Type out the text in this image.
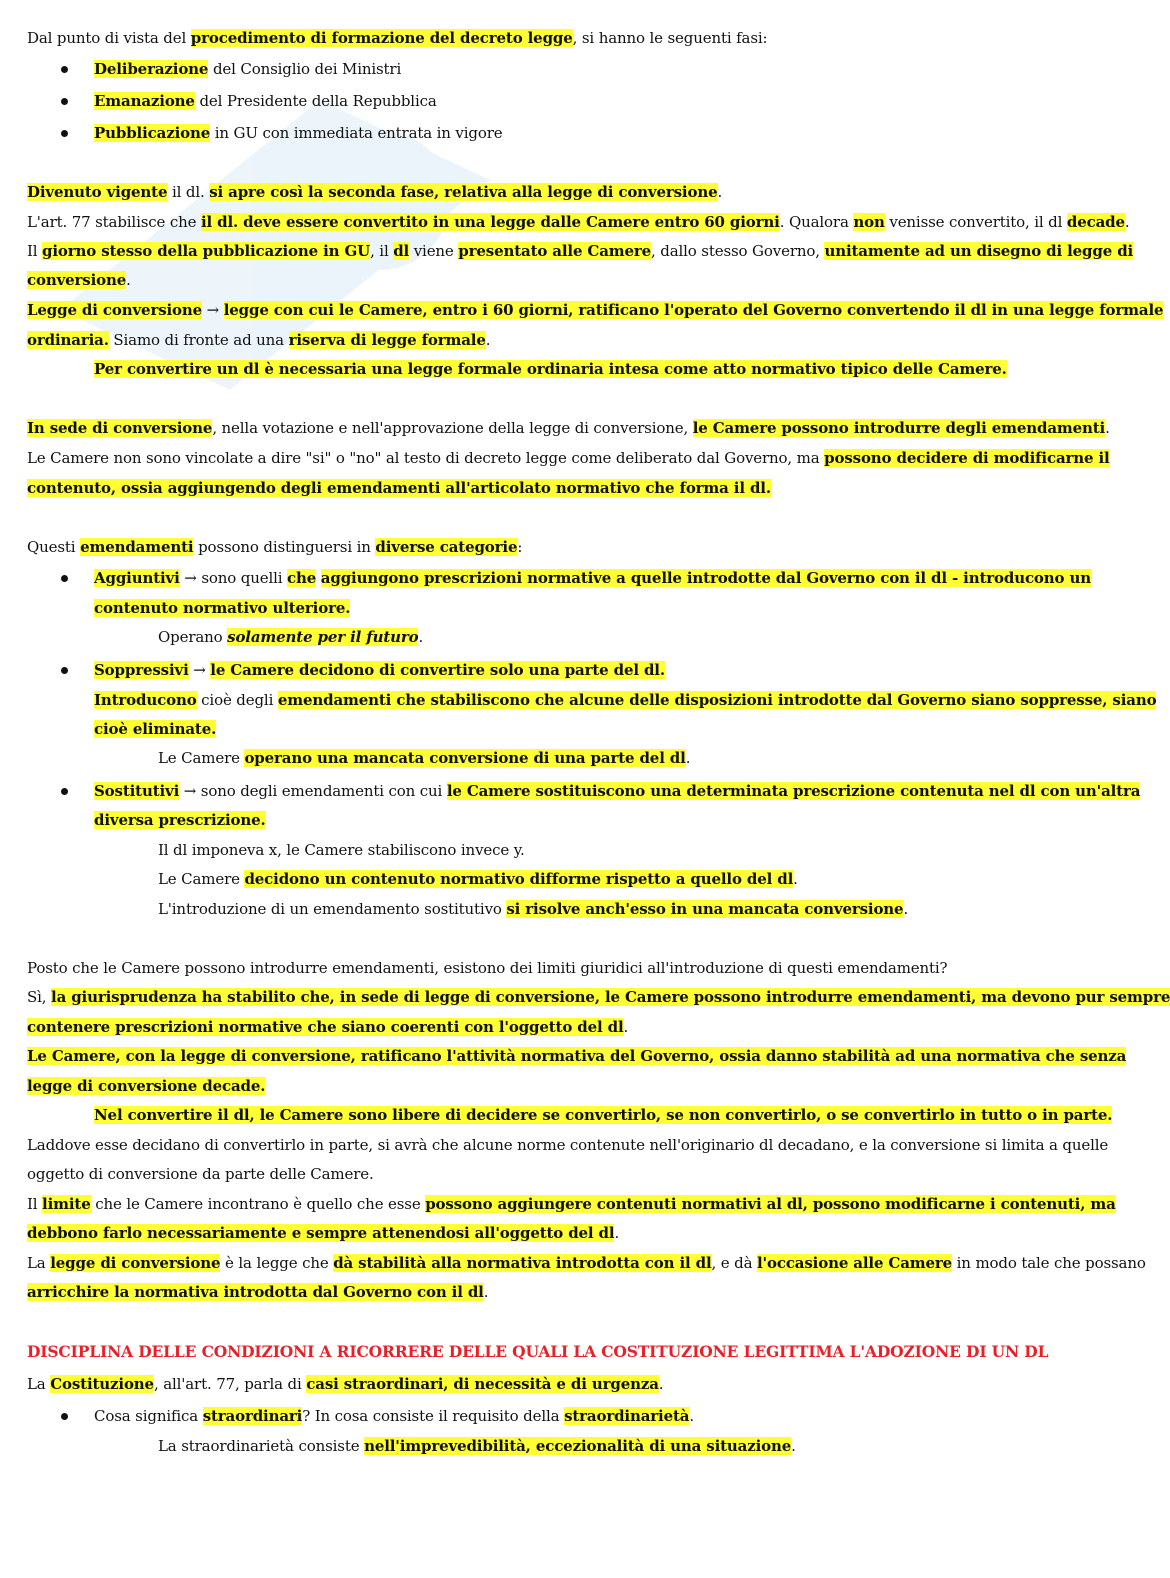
Dal punto di vista del procedimento di formazione del decreto legge, si hanno le seguenti fasi:
Deliberazione del Consiglio dei Ministri
Emanazione del Presidente della Repubblica
Pubblicazione in GU con immediata entrata in vigore
Divenuto vigente il dl. si apre così la seconda fase, relativa alla legge di conversione.
L'art. 77 stabilisce che il dl. deve essere convertito in una legge dalle Camere entro 60 giorni. Qualora non venisse convertito, il dl decade.
Il giorno stesso della pubblicazione in GU, il dl viene presentato alle Camere, dallo stesso Governo, unitamente ad un disegno di legge di
conversione.
Legge di conversione → legge con cui le Camere, entro i 60 giorni, ratificano l'operato del Governo convertendo il dl in una legge formale
ordinaria. Siamo di fronte ad una riserva di legge formale.
Per convertire un dl è necessaria una legge formale ordinaria intesa come atto normativo tipico delle Camere.
In sede di conversione, nella votazione e nell'approvazione della legge di conversione, le Camere possono introdurre degli emendamenti.
Le Camere non sono vincolate a dire "si" o "no" al testo di decreto legge come deliberato dal Governo, ma possono decidere di modificarne il
contenuto, ossia aggiungendo degli emendamenti all'articolato normativo che forma il dl.
Questi emendamenti possono distinguersi in diverse categorie:
Aggiuntivi → sono quelli che aggiungono prescrizioni normative a quelle introdotte dal Governo con il dl - introducono un
contenuto normativo ulteriore.
Operano solamente per il futuro.
Soppressivi → le Camere decidono di convertire solo una parte del dl.
Introducono cioè degli emendamenti che stabiliscono che alcune delle disposizioni introdotte dal Governo siano soppresse, siano
cioè eliminate.
Le Camere operano una mancata conversione di una parte del dl.
Sostitutivi → sono degli emendamenti con cui le Camere sostituiscono una determinata prescrizione contenuta nel dl con un'altra
diversa prescrizione.
Il dl imponeva x, le Camere stabiliscono invece y.
Le Camere decidono un contenuto normativo difforme rispetto a quello del dl.
L'introduzione di un emendamento sostitutivo si risolve anch'esso in una mancata conversione.
Posto che le Camere possono introdurre emendamenti, esistono dei limiti giuridici all'introduzione di questi emendamenti?
Sì, la giurisprudenza ha stabilito che, in sede di legge di conversione, le Camere possono introdurre emendamenti, ma devono pur sempre
contenere prescrizioni normative che siano coerenti con l'oggetto del dl.
Le Camere, con la legge di conversione, ratificano l'attività normativa del Governo, ossia danno stabilità ad una normativa che senza
legge di conversione decade.
Nel convertire il dl, le Camere sono libere di decidere se convertirlo, se non convertirlo, o se convertirlo in tutto o in parte.
Laddove esse decidano di convertirlo in parte, si avrà che alcune norme contenute nell'originario dl decadano, e la conversione si limita a quelle
oggetto di conversione da parte delle Camere.
Il limite che le Camere incontrano è quello che esse possono aggiungere contenuti normativi al dl, possono modificarne i contenuti, ma
debbono farlo necessariamente e sempre attenendosi all'oggetto del dl.
La legge di conversione è la legge che dà stabilità alla normativa introdotta con il dl, e dà l'occasione alle Camere in modo tale che possano
arricchire la normativa introdotta dal Governo con il dl.
DISCIPLINA DELLE CONDIZIONI A RICORRERE DELLE QUALI LA COSTITUZIONE LEGITTIMA L'ADOZIONE DI UN DL
La Costituzione, all'art. 77, parla di casi straordinari, di necessità e di urgenza.
Cosa significa straordinari? In cosa consiste il requisito della straordinarietà.
La straordinarietà consiste nell'imprevedibilità, eccezionalità di una situazione.
